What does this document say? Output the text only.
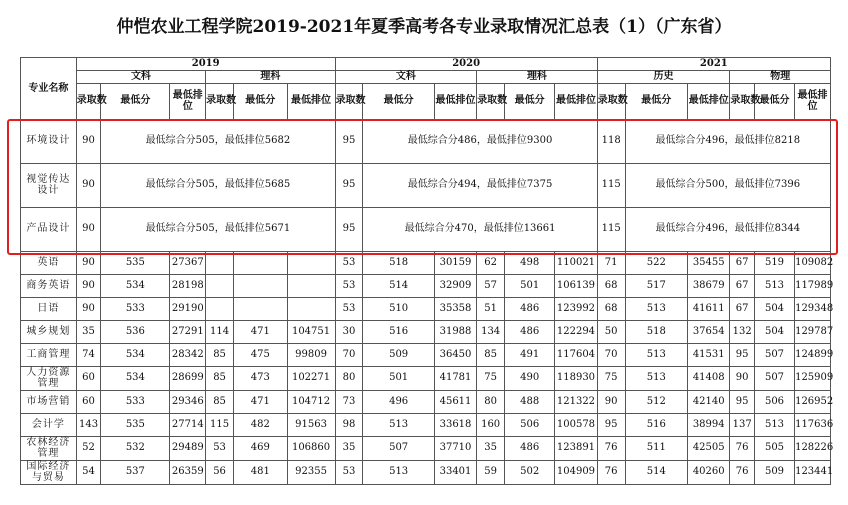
仲恺农业工程学院2019-2021年夏季高考各专业录取情况汇总表（1）（广东省）
专业名称	2019						2020						2021					
	文科			理科			文科			理科			历史			物理		
	录取数	最低分	最低排位	录取数	最低分	最低排位	录取数	最低分	最低排位	录取数	最低分	最低排位	录取数	最低分	最低排位	录取数	最低分	最低排位
环境设计	90	最低综合分505，最低排位5682					95	最低综合分486，最低排位9300					118	最低综合分496，最低排位8218				
视觉传达设计	90	最低综合分505，最低排位5685					95	最低综合分494，最低排位7375					115	最低综合分500，最低排位7396				
产品设计	90	最低综合分505，最低排位5671					95	最低综合分470，最低排位13661					115	最低综合分496，最低排位8344				
英语	90	535	27367				53	518	30159	62	498	110021	71	522	35455	67	519	109082
商务英语	90	534	28198				53	514	32909	57	501	106139	68	517	38679	67	513	117989
日语	90	533	29190				53	510	35358	51	486	123992	68	513	41611	67	504	129348
城乡规划	35	536	27291	114	471	104751	30	516	31988	134	486	122294	50	518	37654	132	504	129787
工商管理	74	534	28342	85	475	99809	70	509	36450	85	491	117604	70	513	41531	95	507	124899
人力资源管理	60	534	28699	85	473	102271	80	501	41781	75	490	118930	75	513	41408	90	507	125909
市场营销	60	533	29346	85	471	104712	73	496	45611	80	488	121322	90	512	42140	95	506	126952
会计学	143	535	27714	115	482	91563	98	513	33618	160	506	100578	95	516	38994	137	513	117636
农林经济管理	52	532	29489	53	469	106860	35	507	37710	35	486	123891	76	511	42505	76	505	128226
国际经济与贸易	54	537	26359	56	481	92355	53	513	33401	59	502	104909	76	514	40260	76	509	123441
